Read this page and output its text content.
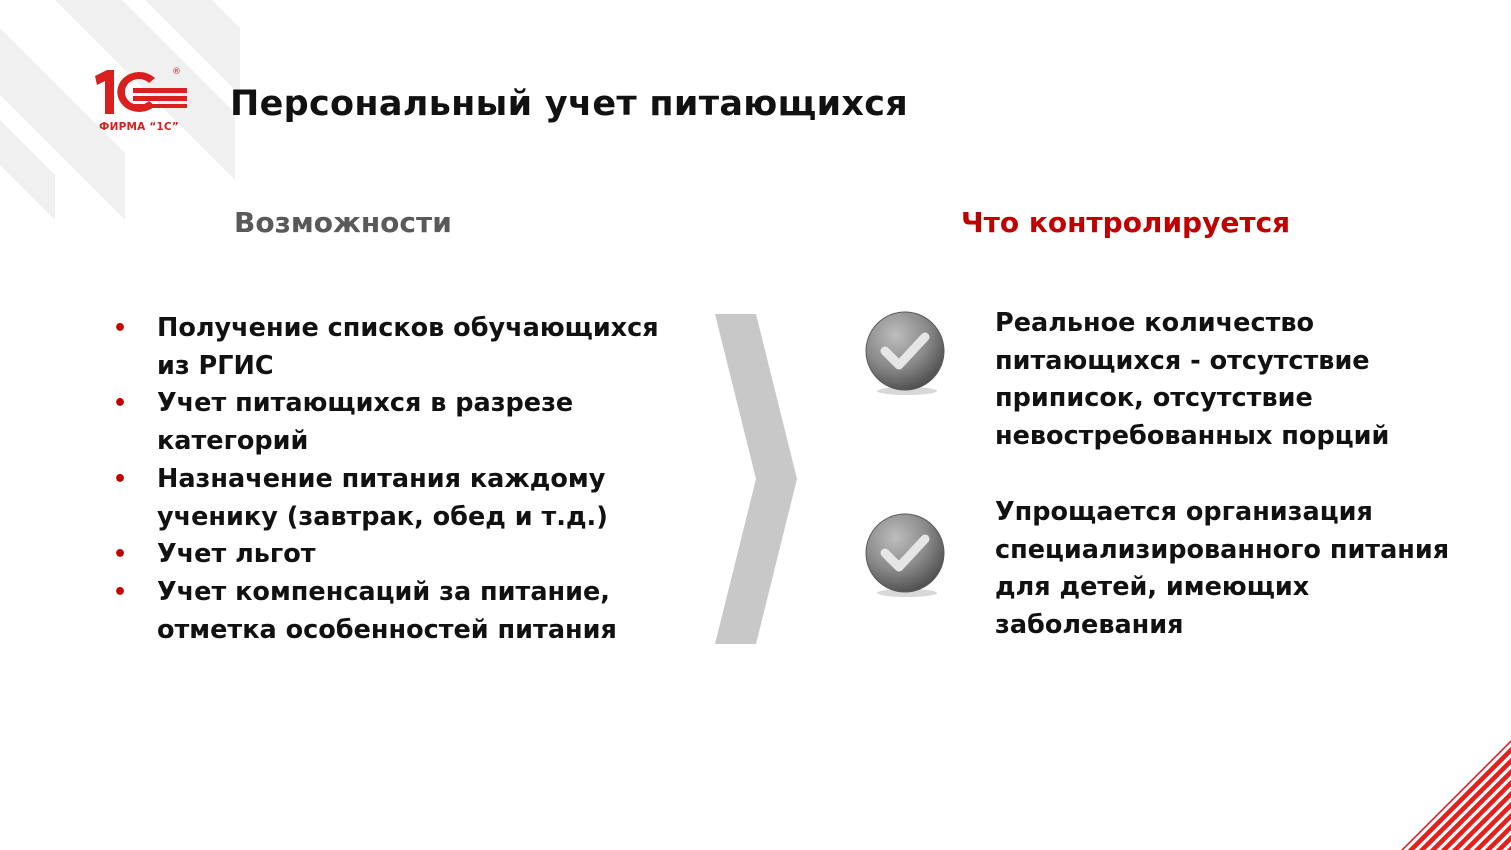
®
ФИРМА “1С”
Персональный учет питающихся
Возможности	Что контролируется
• Получение списков обучающихся из РГИС
• Учет питающихся в разрезе категорий
• Назначение питания каждому ученику (завтрак, обед и т.д.)
• Учет льгот
• Учет компенсаций за питание, отметка особенностей питания
Реальное количество питающихся - отсутствие приписок, отсутствие невостребованных порций
Упрощается организация специализированного питания для детей, имеющих заболевания
